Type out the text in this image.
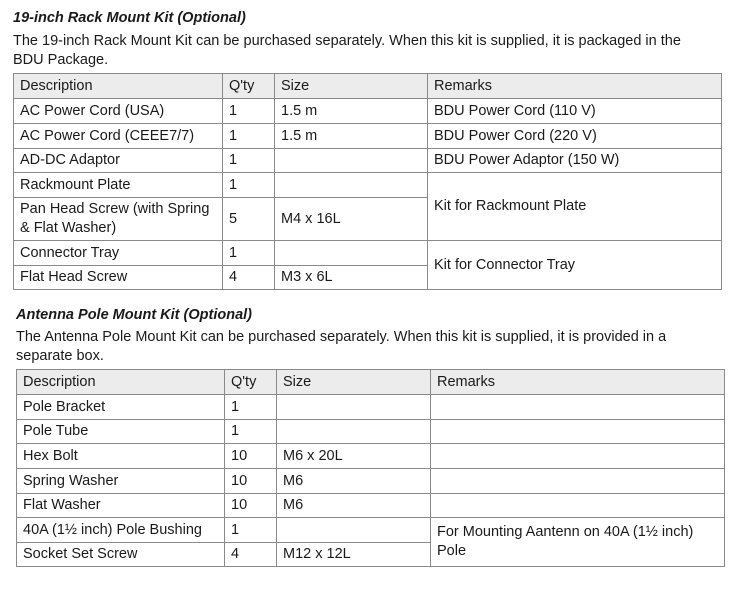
19-inch Rack Mount Kit (Optional)
The 19-inch Rack Mount Kit can be purchased separately. When this kit is supplied, it is packaged in the BDU Package.
Description	Q'ty	Size	Remarks
AC Power Cord (USA)	1	1.5 m	BDU Power Cord (110 V)
AC Power Cord (CEEE7/7)	1	1.5 m	BDU Power Cord (220 V)
AD-DC Adaptor	1		BDU Power Adaptor (150 W)
Rackmount Plate	1		Kit for Rackmount Plate
Pan Head Screw (with Spring & Flat Washer)	5	M4 x 16L	
Connector Tray	1		Kit for Connector Tray
Flat Head Screw	4	M3 x 6L	
Antenna Pole Mount Kit (Optional)
The Antenna Pole Mount Kit can be purchased separately. When this kit is supplied, it is provided in a separate box.
Description	Q'ty	Size	Remarks
Pole Bracket	1		
Pole Tube	1		
Hex Bolt	10	M6 x 20L	
Spring Washer	10	M6	
Flat Washer	10	M6	
40A (1½ inch) Pole Bushing	1		For Mounting Aantenn on 40A (1½ inch) Pole
Socket Set Screw	4	M12 x 12L	
